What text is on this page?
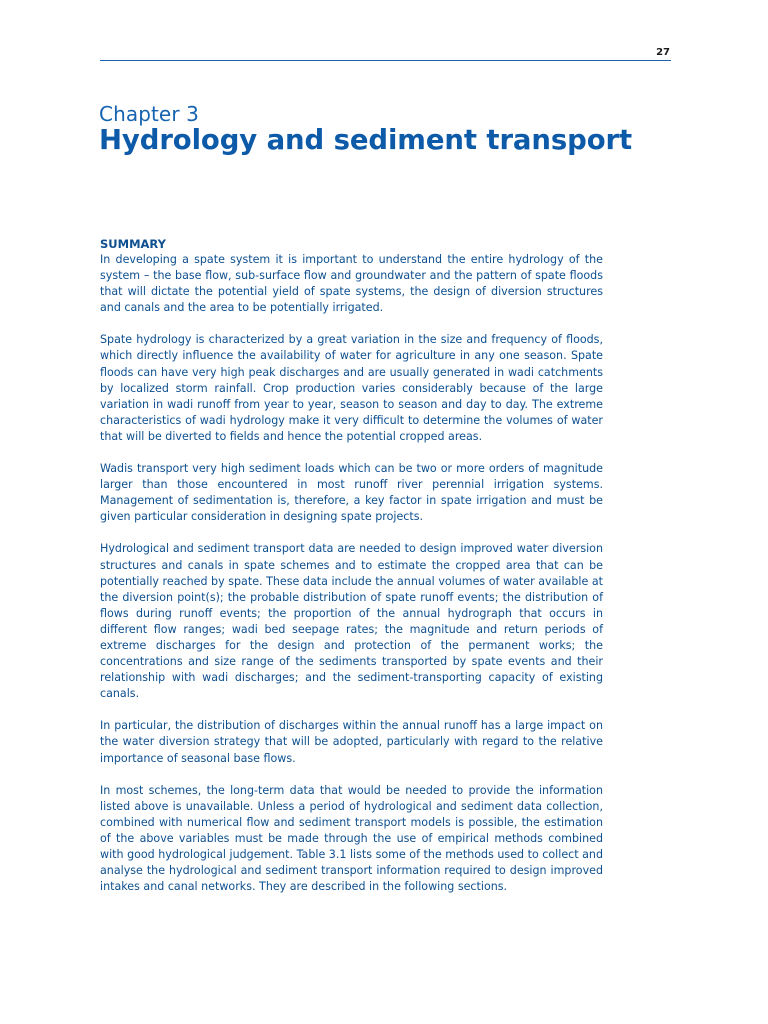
27
Chapter 3
Hydrology and sediment transport
SUMMARY

In developing a spate system it is important to understand the entire hydrology of the system – the base flow, sub-surface flow and groundwater and the pattern of spate floods that will dictate the potential yield of spate systems, the design of diversion structures and canals and the area to be potentially irrigated.

Spate hydrology is characterized by a great variation in the size and frequency of floods, which directly influence the availability of water for agriculture in any one season. Spate floods can have very high peak discharges and are usually generated in wadi catchments by localized storm rainfall. Crop production varies considerably because of the large variation in wadi runoff from year to year, season to season and day to day. The extreme characteristics of wadi hydrology make it very difficult to determine the volumes of water that will be diverted to fields and hence the potential cropped areas.

Wadis transport very high sediment loads which can be two or more orders of magnitude larger than those encountered in most runoff river perennial irrigation systems. Management of sedimentation is, therefore, a key factor in spate irrigation and must be given particular consideration in designing spate projects.

Hydrological and sediment transport data are needed to design improved water diversion structures and canals in spate schemes and to estimate the cropped area that can be potentially reached by spate. These data include the annual volumes of water available at the diversion point(s); the probable distribution of spate runoff events; the distribution of flows during runoff events; the proportion of the annual hydrograph that occurs in different flow ranges; wadi bed seepage rates; the magnitude and return periods of extreme discharges for the design and protection of the permanent works; the concentrations and size range of the sediments transported by spate events and their relationship with wadi discharges; and the sediment-transporting capacity of existing canals.

In particular, the distribution of discharges within the annual runoff has a large impact on the water diversion strategy that will be adopted, particularly with regard to the relative importance of seasonal base flows.

In most schemes, the long-term data that would be needed to provide the information listed above is unavailable. Unless a period of hydrological and sediment data collection, combined with numerical flow and sediment transport models is possible, the estimation of the above variables must be made through the use of empirical methods combined with good hydrological judgement. Table 3.1 lists some of the methods used to collect and analyse the hydrological and sediment transport information required to design improved intakes and canal networks. They are described in the following sections.
